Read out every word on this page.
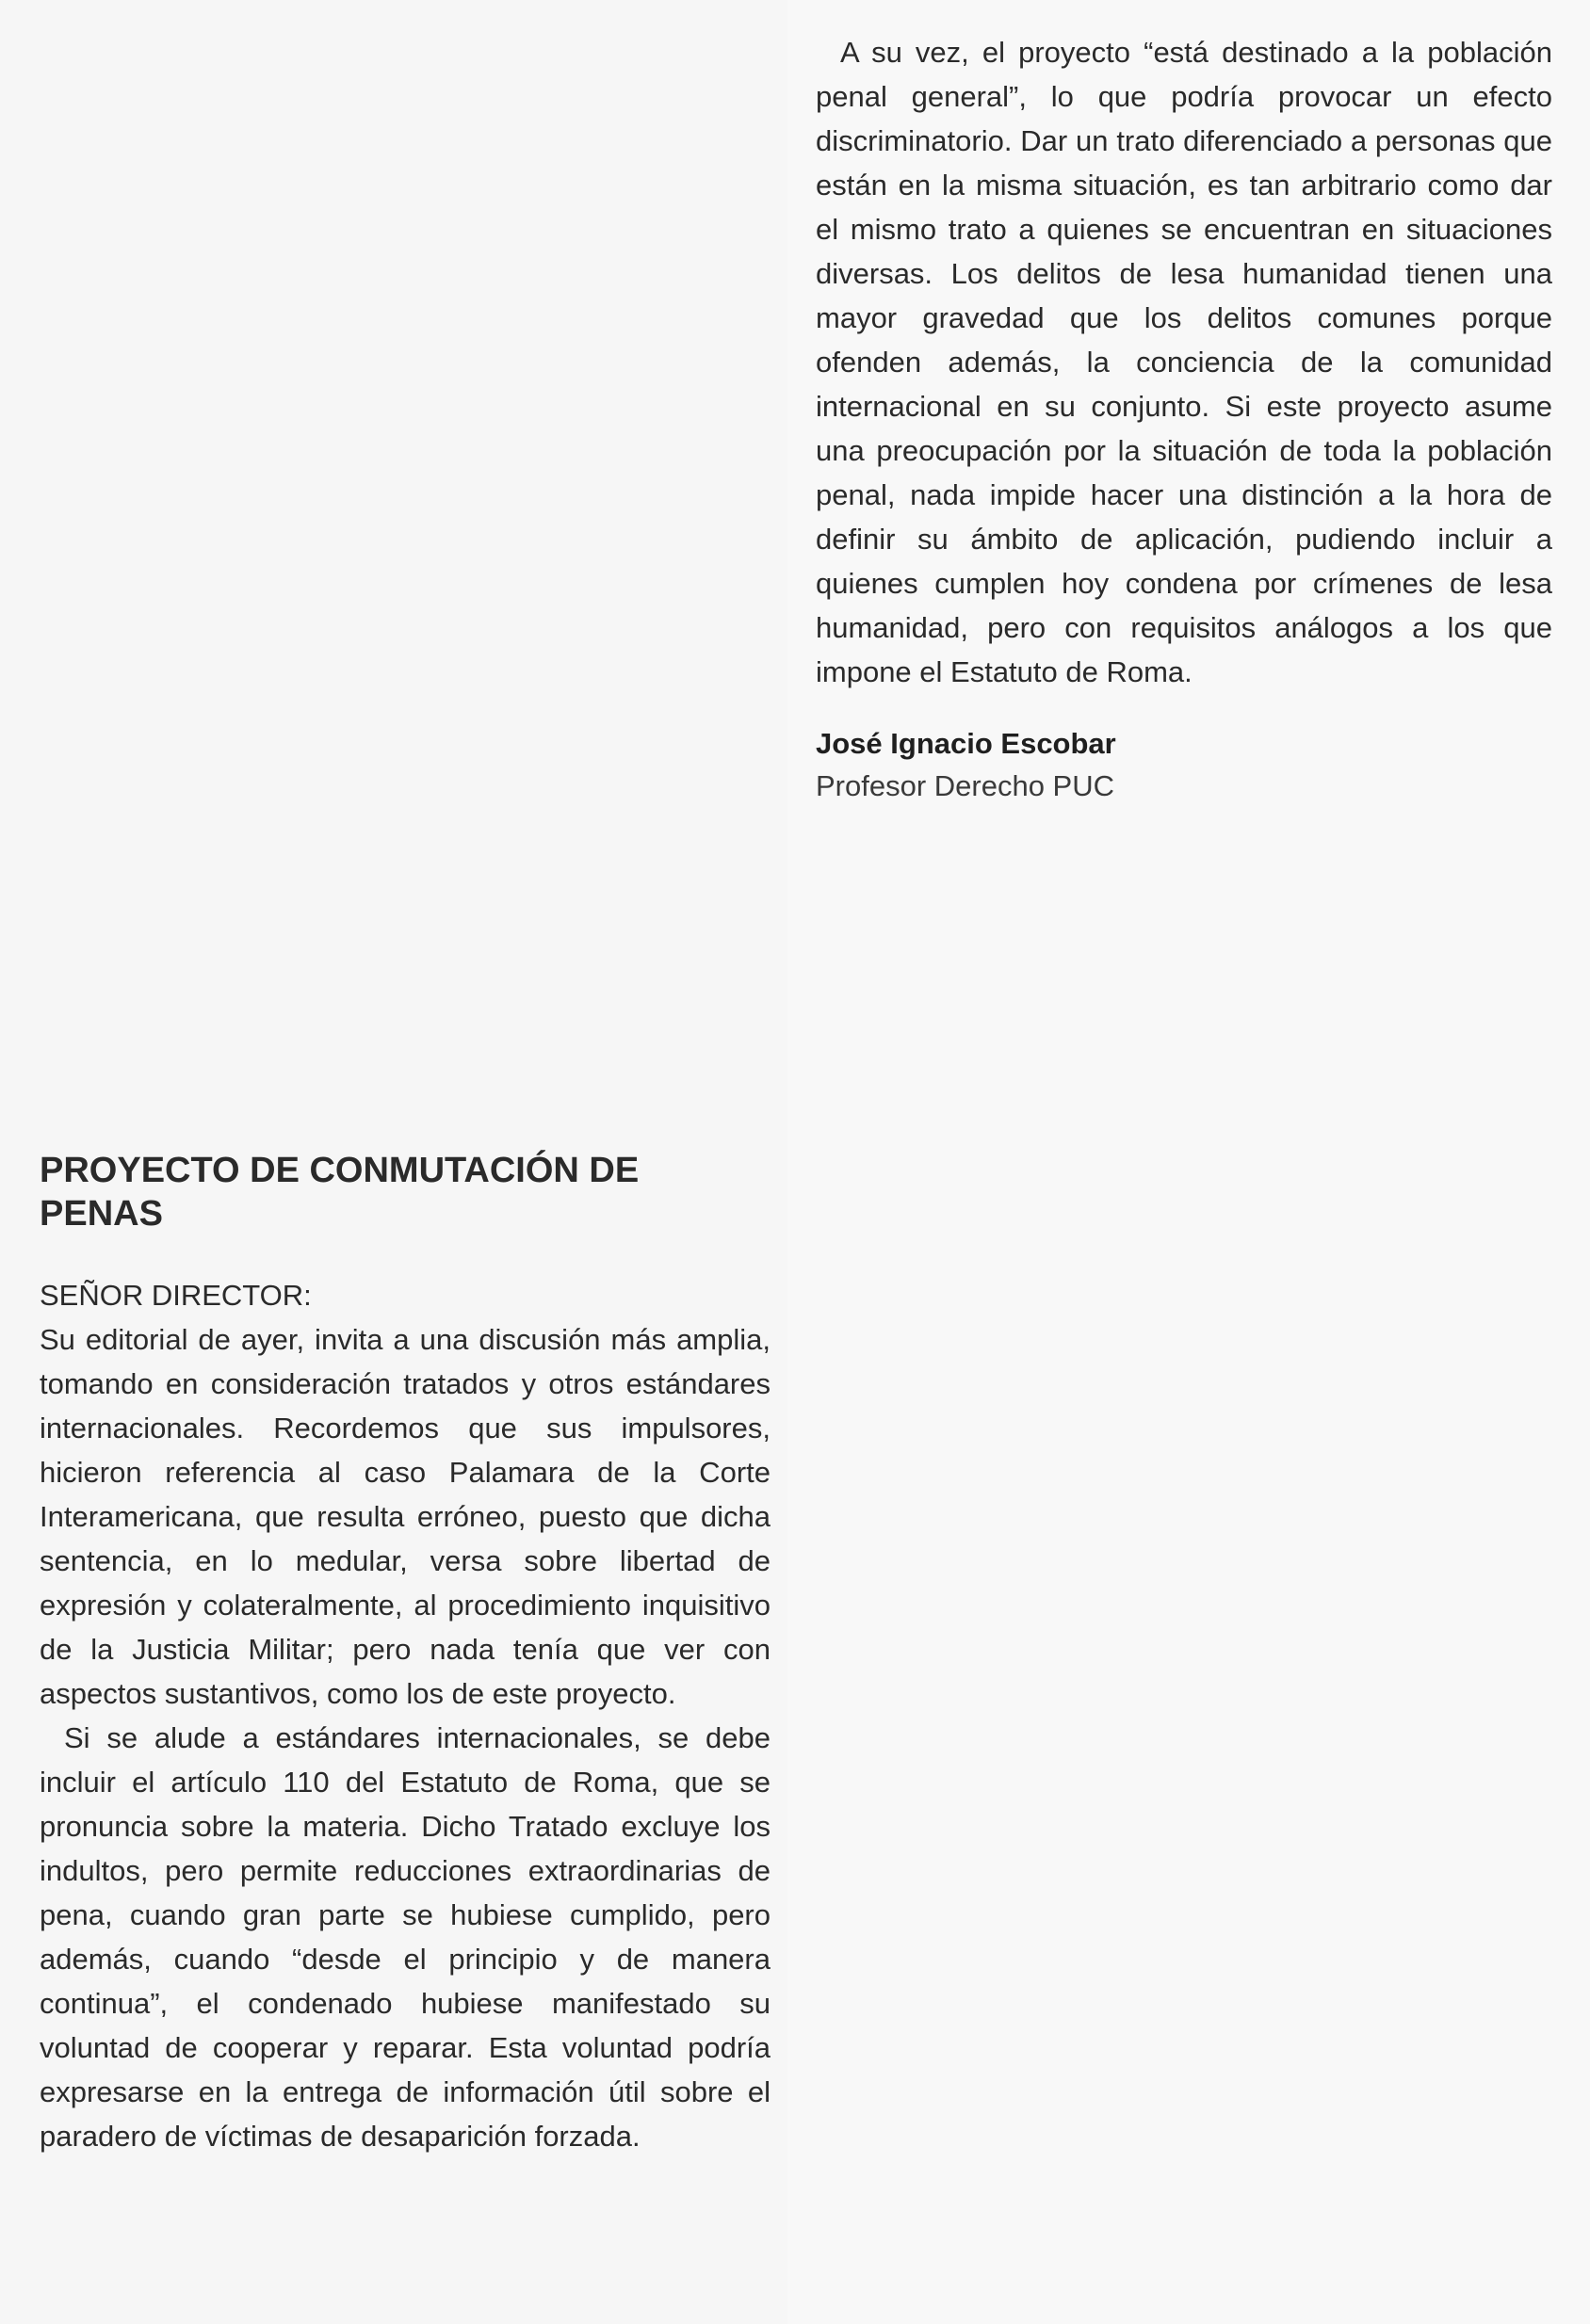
A su vez, el proyecto “está destinado a la población penal general”, lo que podría provocar un efecto discriminatorio. Dar un trato diferenciado a personas que están en la misma situación, es tan arbitrario como dar el mismo trato a quienes se encuentran en situaciones diversas. Los delitos de lesa humanidad tienen una mayor gravedad que los delitos comunes porque ofenden además, la conciencia de la comunidad internacional en su conjunto. Si este proyecto asume una preocupación por la situación de toda la población penal, nada impide hacer una distinción a la hora de definir su ámbito de aplicación, pudiendo incluir a quienes cumplen hoy condena por crímenes de lesa humanidad, pero con requisitos análogos a los que impone el Estatuto de Roma.

José Ignacio Escobar

Profesor Derecho PUC

PROYECTO DE CONMUTACIÓN DE PENAS

SEÑOR DIRECTOR:

Su editorial de ayer, invita a una discusión más amplia, tomando en consideración tratados y otros estándares internacionales. Recordemos que sus impulsores, hicieron referencia al caso Palamara de la Corte Interamericana, que resulta erróneo, puesto que dicha sentencia, en lo medular, versa sobre libertad de expresión y colateralmente, al procedimiento inquisitivo de la Justicia Militar; pero nada tenía que ver con aspectos sustantivos, como los de este proyecto.

Si se alude a estándares internacionales, se debe incluir el artículo 110 del Estatuto de Roma, que se pronuncia sobre la materia. Dicho Tratado excluye los indultos, pero permite reducciones extraordinarias de pena, cuando gran parte se hubiese cumplido, pero además, cuando “desde el principio y de manera continua”, el condenado hubiese manifestado su voluntad de cooperar y reparar. Esta voluntad podría expresarse en la entrega de información útil sobre el paradero de víctimas de desaparición forzada.
